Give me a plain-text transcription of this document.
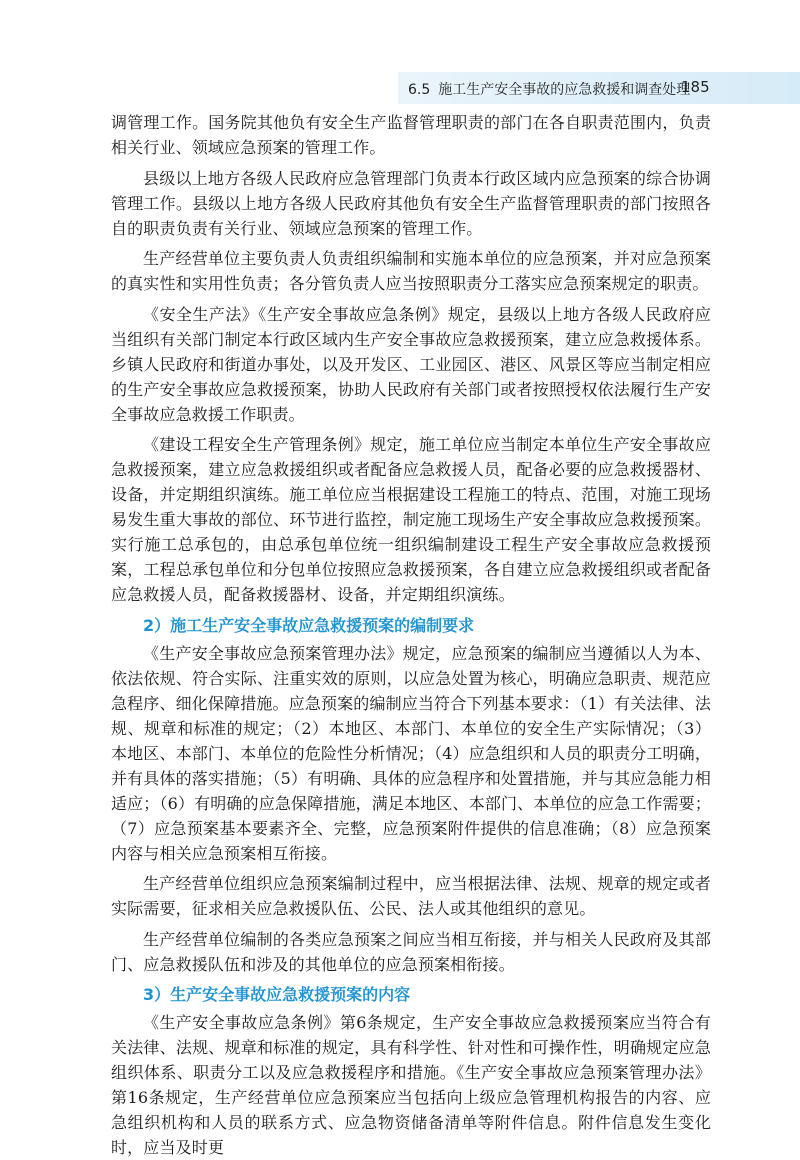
6.5 施工生产安全事故的应急救援和调查处理
185

调管理工作。国务院其他负有安全生产监督管理职责的部门在各自职责范围内，负责相关行业、领域应急预案的管理工作。

县级以上地方各级人民政府应急管理部门负责本行政区域内应急预案的综合协调管理工作。县级以上地方各级人民政府其他负有安全生产监督管理职责的部门按照各自的职责负责有关行业、领域应急预案的管理工作。

生产经营单位主要负责人负责组织编制和实施本单位的应急预案，并对应急预案的真实性和实用性负责；各分管负责人应当按照职责分工落实应急预案规定的职责。

《安全生产法》《生产安全事故应急条例》规定，县级以上地方各级人民政府应当组织有关部门制定本行政区域内生产安全事故应急救援预案，建立应急救援体系。乡镇人民政府和街道办事处，以及开发区、工业园区、港区、风景区等应当制定相应的生产安全事故应急救援预案，协助人民政府有关部门或者按照授权依法履行生产安全事故应急救援工作职责。

《建设工程安全生产管理条例》规定，施工单位应当制定本单位生产安全事故应急救援预案，建立应急救援组织或者配备应急救援人员，配备必要的应急救援器材、设备，并定期组织演练。施工单位应当根据建设工程施工的特点、范围，对施工现场易发生重大事故的部位、环节进行监控，制定施工现场生产安全事故应急救援预案。实行施工总承包的，由总承包单位统一组织编制建设工程生产安全事故应急救援预案，工程总承包单位和分包单位按照应急救援预案，各自建立应急救援组织或者配备应急救援人员，配备救援器材、设备，并定期组织演练。

2）施工生产安全事故应急救援预案的编制要求

《生产安全事故应急预案管理办法》规定，应急预案的编制应当遵循以人为本、依法依规、符合实际、注重实效的原则，以应急处置为核心，明确应急职责、规范应急程序、细化保障措施。应急预案的编制应当符合下列基本要求：（1）有关法律、法规、规章和标准的规定；（2）本地区、本部门、本单位的安全生产实际情况；（3）本地区、本部门、本单位的危险性分析情况；（4）应急组织和人员的职责分工明确，并有具体的落实措施；（5）有明确、具体的应急程序和处置措施，并与其应急能力相适应；（6）有明确的应急保障措施，满足本地区、本部门、本单位的应急工作需要；（7）应急预案基本要素齐全、完整，应急预案附件提供的信息准确；（8）应急预案内容与相关应急预案相互衔接。

生产经营单位组织应急预案编制过程中，应当根据法律、法规、规章的规定或者实际需要，征求相关应急救援队伍、公民、法人或其他组织的意见。

生产经营单位编制的各类应急预案之间应当相互衔接，并与相关人民政府及其部门、应急救援队伍和涉及的其他单位的应急预案相衔接。

3）生产安全事故应急救援预案的内容

《生产安全事故应急条例》第6条规定，生产安全事故应急救援预案应当符合有关法律、法规、规章和标准的规定，具有科学性、针对性和可操作性，明确规定应急组织体系、职责分工以及应急救援程序和措施。《生产安全事故应急预案管理办法》第16条规定，生产经营单位应急预案应当包括向上级应急管理机构报告的内容、应急组织机构和人员的联系方式、应急物资储备清单等附件信息。附件信息发生变化时，应当及时更
